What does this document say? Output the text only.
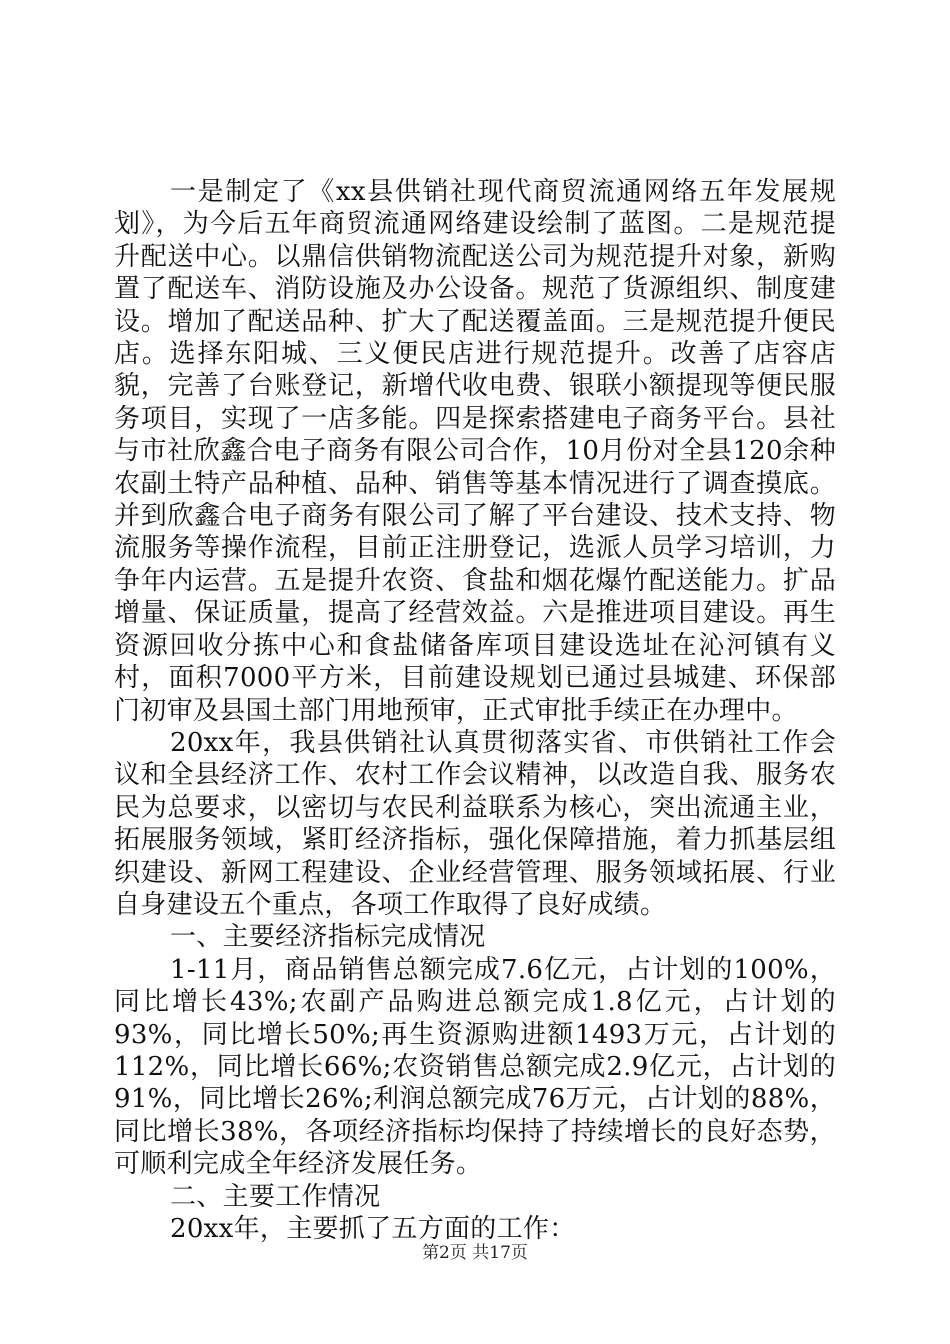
一是制定了《xx县供销社现代商贸流通网络五年发展规划》，为今后五年商贸流通网络建设绘制了蓝图。二是规范提升配送中心。以鼎信供销物流配送公司为规范提升对象，新购置了配送车、消防设施及办公设备。规范了货源组织、制度建设。增加了配送品种、扩大了配送覆盖面。三是规范提升便民店。选择东阳城、三义便民店进行规范提升。改善了店容店貌，完善了台账登记，新增代收电费、银联小额提现等便民服务项目，实现了一店多能。四是探索搭建电子商务平台。县社与市社欣鑫合电子商务有限公司合作，10月份对全县120余种农副土特产品种植、品种、销售等基本情况进行了调查摸底。并到欣鑫合电子商务有限公司了解了平台建设、技术支持、物流服务等操作流程，目前正注册登记，选派人员学习培训，力争年内运营。五是提升农资、食盐和烟花爆竹配送能力。扩品增量、保证质量，提高了经营效益。六是推进项目建设。再生资源回收分拣中心和食盐储备库项目建设选址在沁河镇有义村，面积7000平方米，目前建设规划已通过县城建、环保部门初审及县国土部门用地预审，正式审批手续正在办理中。

20xx年，我县供销社认真贯彻落实省、市供销社工作会议和全县经济工作、农村工作会议精神，以改造自我、服务农民为总要求，以密切与农民利益联系为核心，突出流通主业，拓展服务领域，紧盯经济指标，强化保障措施，着力抓基层组织建设、新网工程建设、企业经营管理、服务领域拓展、行业自身建设五个重点，各项工作取得了良好成绩。

一、主要经济指标完成情况

1-11月，商品销售总额完成7.6亿元，占计划的100%，同比增长43%;农副产品购进总额完成1.8亿元，占计划的93%，同比增长50%;再生资源购进额1493万元，占计划的112%，同比增长66%;农资销售总额完成2.9亿元，占计划的91%，同比增长26%;利润总额完成76万元，占计划的88%，同比增长38%，各项经济指标均保持了持续增长的良好态势，可顺利完成全年经济发展任务。

二、主要工作情况

20xx年，主要抓了五方面的工作：

第2页 共17页
